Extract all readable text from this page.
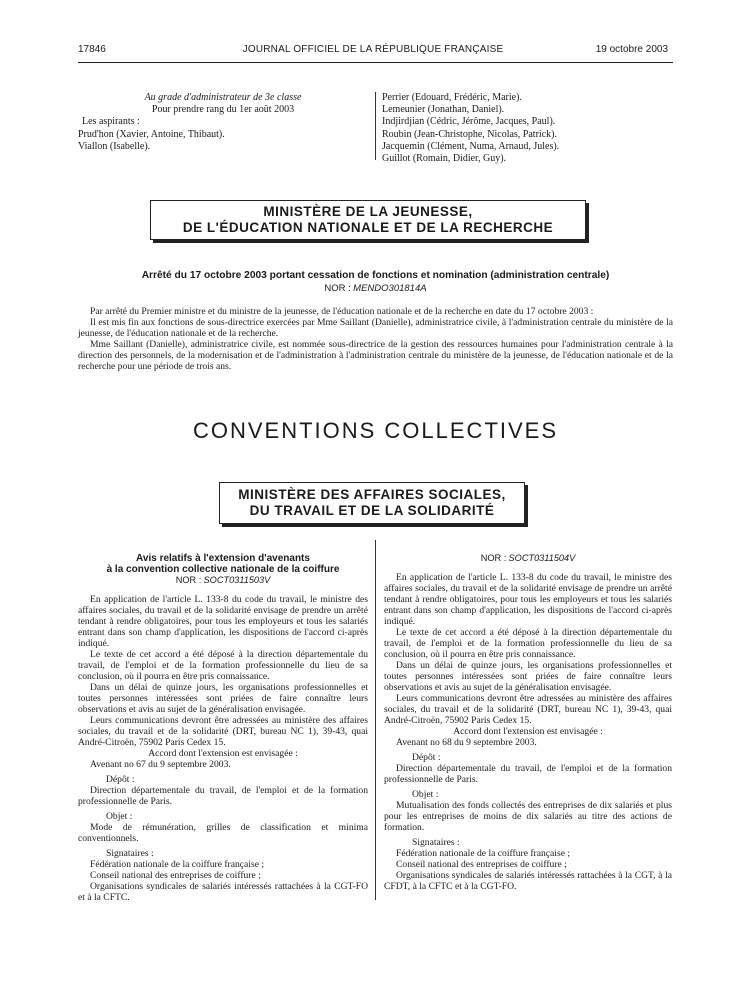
17846	JOURNAL OFFICIEL DE LA RÉPUBLIQUE FRANÇAISE	19 octobre 2003
Au grade d'administrateur de 3e classe
Pour prendre rang du 1er août 2003
Les aspirants :
Prud'hon (Xavier, Antoine, Thibaut).
Viallon (Isabelle).
Perrier (Edouard, Frédéric, Marie).
Lemeunier (Jonathan, Daniel).
Indjirdjian (Cédric, Jérôme, Jacques, Paul).
Roubin (Jean-Christophe, Nicolas, Patrick).
Jacquemin (Clément, Numa, Arnaud, Jules).
Guillot (Romain, Didier, Guy).
MINISTÈRE DE LA JEUNESSE,
DE L'ÉDUCATION NATIONALE ET DE LA RECHERCHE
Arrêté du 17 octobre 2003 portant cessation de fonctions et nomination (administration centrale)
NOR : MENDO301814A

Par arrêté du Premier ministre et du ministre de la jeunesse, de l'éducation nationale et de la recherche en date du 17 octobre 2003 :

Il est mis fin aux fonctions de sous-directrice exercées par Mme Saillant (Danielle), administratrice civile, à l'administration centrale du ministère de la jeunesse, de l'éducation nationale et de la recherche.

Mme Saillant (Danielle), administratrice civile, est nommée sous-directrice de la gestion des ressources humaines pour l'administration centrale à la direction des personnels, de la modernisation et de l'administration à l'administration centrale du ministère de la jeunesse, de l'éducation nationale et de la recherche pour une période de trois ans.

CONVENTIONS COLLECTIVES
MINISTÈRE DES AFFAIRES SOCIALES,
DU TRAVAIL ET DE LA SOLIDARITÉ
Avis relatifs à l'extension d'avenants
à la convention collective nationale de la coiffure
NOR : SOCT0311503V

En application de l'article L. 133-8 du code du travail, le ministre des affaires sociales, du travail et de la solidarité envisage de prendre un arrêté tendant à rendre obligatoires, pour tous les employeurs et tous les salariés entrant dans son champ d'application, les dispositions de l'accord ci-après indiqué.

Le texte de cet accord a été déposé à la direction départementale du travail, de l'emploi et de la formation professionnelle du lieu de sa conclusion, où il pourra en être pris connaissance.

Dans un délai de quinze jours, les organisations professionnelles et toutes personnes intéressées sont priées de faire connaître leurs observations et avis au sujet de la généralisation envisagée.

Leurs communications devront être adressées au ministère des affaires sociales, du travail et de la solidarité (DRT, bureau NC 1), 39-43, quai André-Citroën, 75902 Paris Cedex 15.

Accord dont l'extension est envisagée :

Avenant no 67 du 9 septembre 2003.

Dépôt :

Direction départementale du travail, de l'emploi et de la formation professionnelle de Paris.

Objet :

Mode de rémunération, grilles de classification et minima conventionnels.

Signataires :

Fédération nationale de la coiffure française ;

Conseil national des entreprises de coiffure ;

Organisations syndicales de salariés intéressés rattachées à la CGT-FO et à la CFTC.

NOR : SOCT0311504V

En application de l'article L. 133-8 du code du travail, le ministre des affaires sociales, du travail et de la solidarité envisage de prendre un arrêté tendant à rendre obligatoires, pour tous les employeurs et tous les salariés entrant dans son champ d'application, les dispositions de l'accord ci-après indiqué.

Le texte de cet accord a été déposé à la direction départementale du travail, de l'emploi et de la formation professionnelle du lieu de sa conclusion, où il pourra en être pris connaissance.

Dans un délai de quinze jours, les organisations professionnelles et toutes personnes intéressées sont priées de faire connaître leurs observations et avis au sujet de la généralisation envisagée.

Leurs communications devront être adressées au ministère des affaires sociales, du travail et de la solidarité (DRT, bureau NC 1), 39-43, quai André-Citroën, 75902 Paris Cedex 15.

Accord dont l'extension est envisagée :

Avenant no 68 du 9 septembre 2003.

Dépôt :

Direction départementale du travail, de l'emploi et de la formation professionnelle de Paris.

Objet :

Mutualisation des fonds collectés des entreprises de dix salariés et plus pour les entreprises de moins de dix salariés au titre des actions de formation.

Signataires :

Fédération nationale de la coiffure française ;

Conseil national des entreprises de coiffure ;

Organisations syndicales de salariés intéressés rattachées à la CGT, à la CFDT, à la CFTC et à la CGT-FO.
